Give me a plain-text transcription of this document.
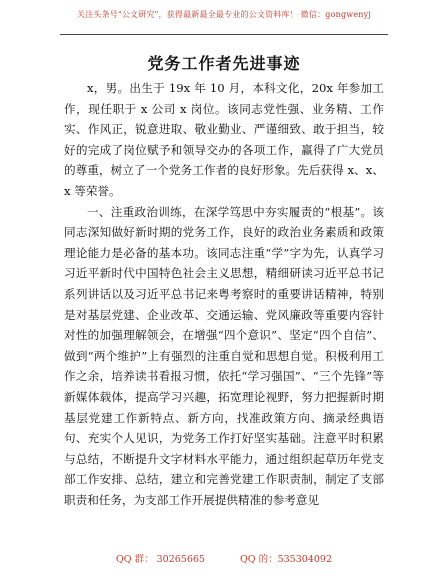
关注头条号"公文研究"，获得最新最全最专业的公文资料库！ 微信：gongwenyj
党务工作者先进事迹

x，男。出生于 19x 年 10 月，本科文化，20x 年参加工作，现任职于 x 公司 x 岗位。该同志党性强、业务精、工作实、作风正，锐意进取、敬业勤业、严谨细致、敢于担当，较好的完成了岗位赋予和领导交办的各项工作，赢得了广大党员的尊重，树立了一个党务工作者的良好形象。先后获得 x、x、x 等荣誉。

一、注重政治训练，在深学笃思中夯实履责的“根基”。该同志深知做好新时期的党务工作，良好的政治业务素质和政策理论能力是必备的基本功。该同志注重“学”字为先，认真学习习近平新时代中国特色社会主义思想，精细研读习近平总书记系列讲话以及习近平总书记来粤考察时的重要讲话精神，特别是对基层党建、企业改革、交通运输、党风廉政等重要内容针对性的加强理解领会，在增强“四个意识”、坚定“四个自信”、做到“两个维护”上有强烈的注重自觉和思想自觉。积极利用工作之余，培养读书看报习惯，依托“学习强国”、“三个先锋”等新媒体载体，提高学习兴趣，拓宽理论视野，努力把握新时期基层党建工作新特点、新方向，找准政策方向、摘录经典语句、充实个人见识，为党务工作打好坚实基础。注意平时积累与总结，不断提升文字材料水平能力，通过组织起草历年党支部工作安排、总结，建立和完善党建工作职责制，制定了支部职责和任务，为支部工作开展提供精准的参考意见

QQ 群： 30265665	QQ 的：535304092
